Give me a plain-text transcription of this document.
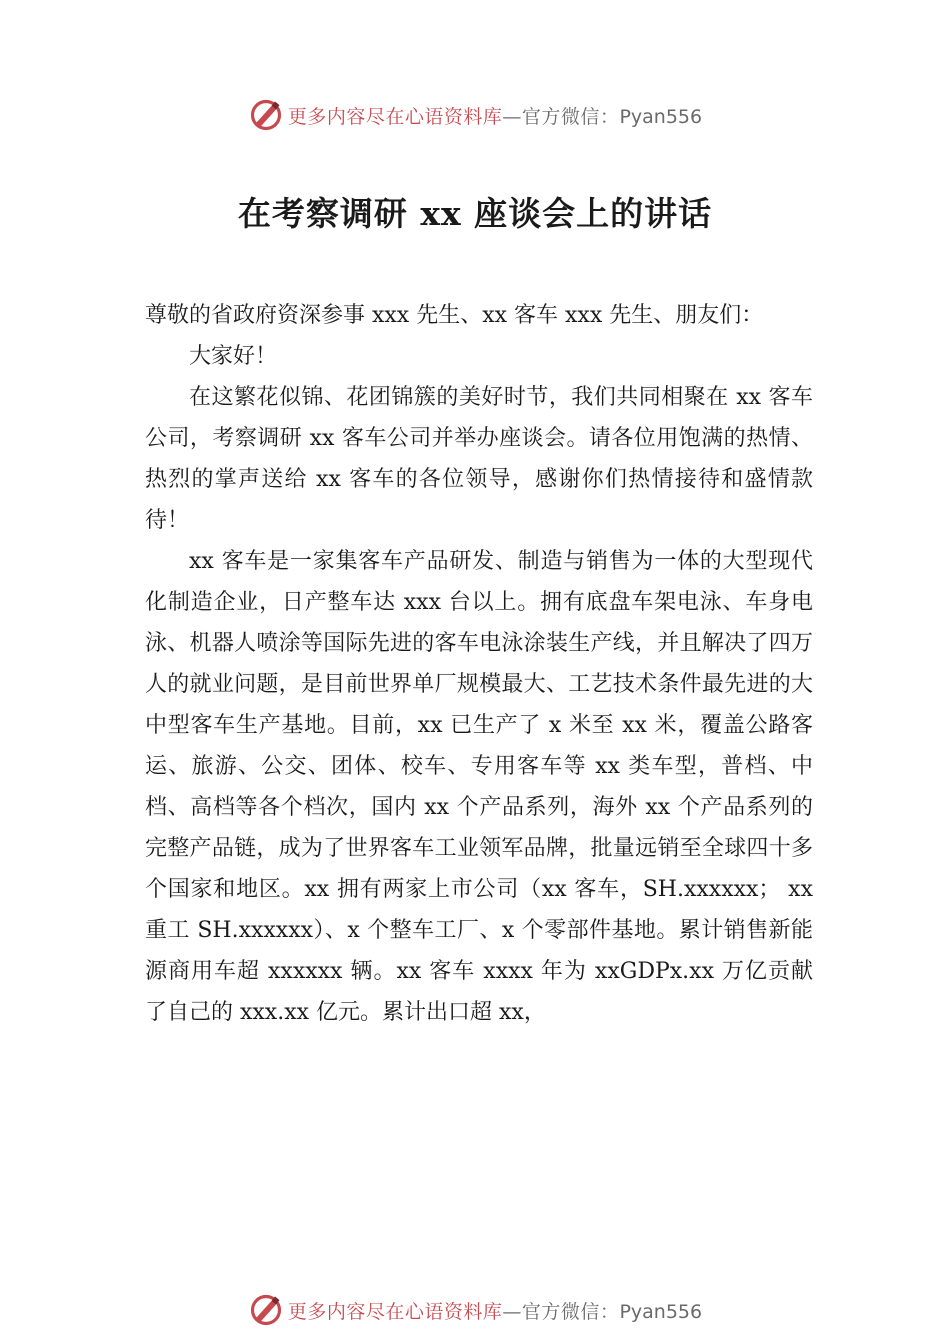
更多内容尽在心语资料库—官方微信：Pyan556
在考察调研 xx 座谈会上的讲话

尊敬的省政府资深参事 xxx 先生、xx 客车 xxx 先生、朋友们：

大家好！

在这繁花似锦、花团锦簇的美好时节，我们共同相聚在 xx 客车公司，考察调研 xx 客车公司并举办座谈会。请各位用饱满的热情、热烈的掌声送给 xx 客车的各位领导，感谢你们热情接待和盛情款待！

xx 客车是一家集客车产品研发、制造与销售为一体的大型现代化制造企业，日产整车达 xxx 台以上。拥有底盘车架电泳、车身电泳、机器人喷涂等国际先进的客车电泳涂装生产线，并且解决了四万人的就业问题，是目前世界单厂规模最大、工艺技术条件最先进的大中型客车生产基地。目前，xx 已生产了 x 米至 xx 米，覆盖公路客运、旅游、公交、团体、校车、专用客车等 xx 类车型，普档、中档、高档等各个档次，国内 xx 个产品系列，海外 xx 个产品系列的完整产品链，成为了世界客车工业领军品牌，批量远销至全球四十多个国家和地区。xx 拥有两家上市公司（xx 客车，SH.xxxxxx； xx 重工 SH.xxxxxx）、x 个整车工厂、x 个零部件基地。累计销售新能源商用车超 xxxxxx 辆。xx 客车 xxxx 年为 xxGDPx.xx 万亿贡献了自己的 xxx.xx 亿元。累计出口超 xx，

更多内容尽在心语资料库—官方微信：Pyan556
